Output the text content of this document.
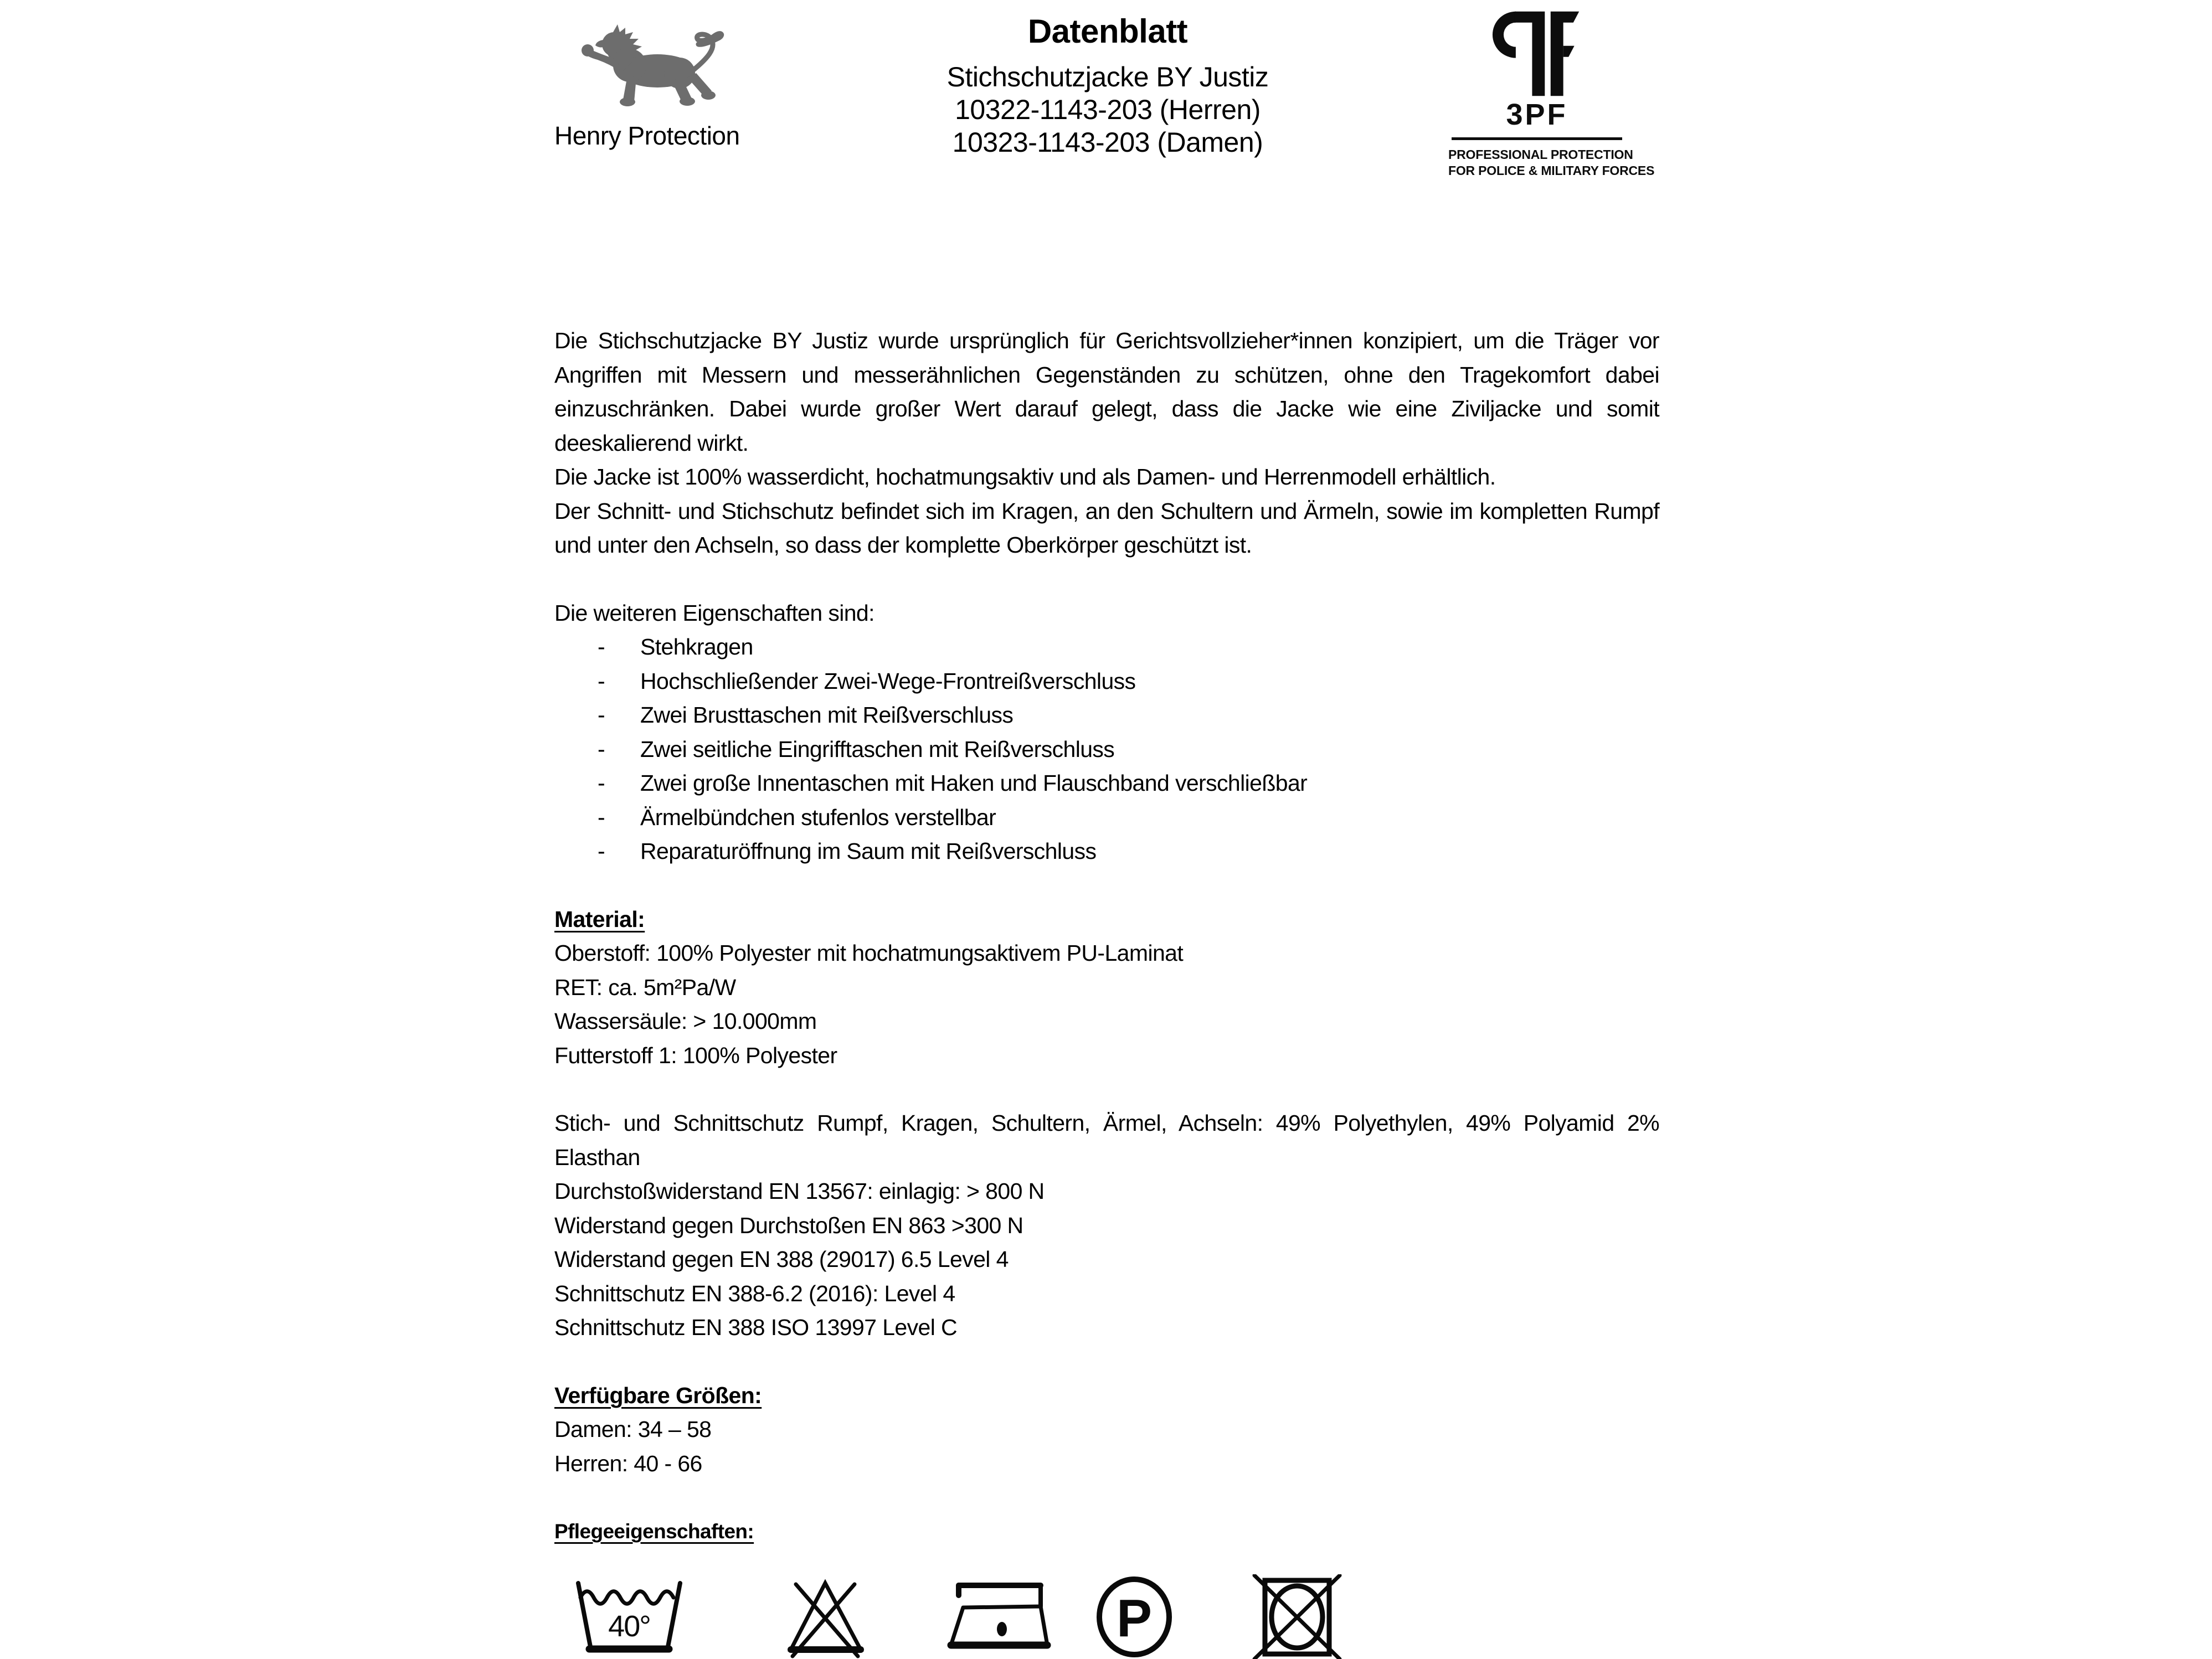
Henry Protection
Datenblatt
Stichschutzjacke BY Justiz
10322-1143-203 (Herren)
10323-1143-203 (Damen)
3PF
PROFESSIONAL PROTECTION
FOR POLICE & MILITARY FORCES

Die Stichschutzjacke BY Justiz wurde ursprünglich für Gerichtsvollzieher*innen konzipiert, um die Träger vor Angriffen mit Messern und messerähnlichen Gegenständen zu schützen, ohne den Tragekomfort dabei einzuschränken. Dabei wurde großer Wert darauf gelegt, dass die Jacke wie eine Ziviljacke und somit deeskalierend wirkt.

Die Jacke ist 100% wasserdicht, hochatmungsaktiv und als Damen- und Herrenmodell erhältlich.

Der Schnitt- und Stichschutz befindet sich im Kragen, an den Schultern und Ärmeln, sowie im kompletten Rumpf und unter den Achseln, so dass der komplette Oberkörper geschützt ist.

Die weiteren Eigenschaften sind:

-	Stehkragen
-	Hochschließender Zwei-Wege-Frontreißverschluss
-	Zwei Brusttaschen mit Reißverschluss
-	Zwei seitliche Eingrifftaschen mit Reißverschluss
-	Zwei große Innentaschen mit Haken und Flauschband verschließbar
-	Ärmelbündchen stufenlos verstellbar
-	Reparaturöffnung im Saum mit Reißverschluss

Material:

Oberstoff: 100% Polyester mit hochatmungsaktivem PU-Laminat

RET: ca. 5m²Pa/W

Wassersäule: > 10.000mm

Futterstoff 1: 100% Polyester

Stich- und Schnittschutz Rumpf, Kragen, Schultern, Ärmel, Achseln: 49% Polyethylen, 49% Polyamid 2% Elasthan

Durchstoßwiderstand EN 13567: einlagig: > 800 N

Widerstand gegen Durchstoßen EN 863 >300 N

Widerstand gegen EN 388 (29017) 6.5 Level 4

Schnittschutz EN 388-6.2 (2016): Level 4

Schnittschutz EN 388 ISO 13997 Level C

Verfügbare Größen:

Damen: 34 – 58

Herren: 40 - 66

Pflegeeigenschaften:

40°	P
